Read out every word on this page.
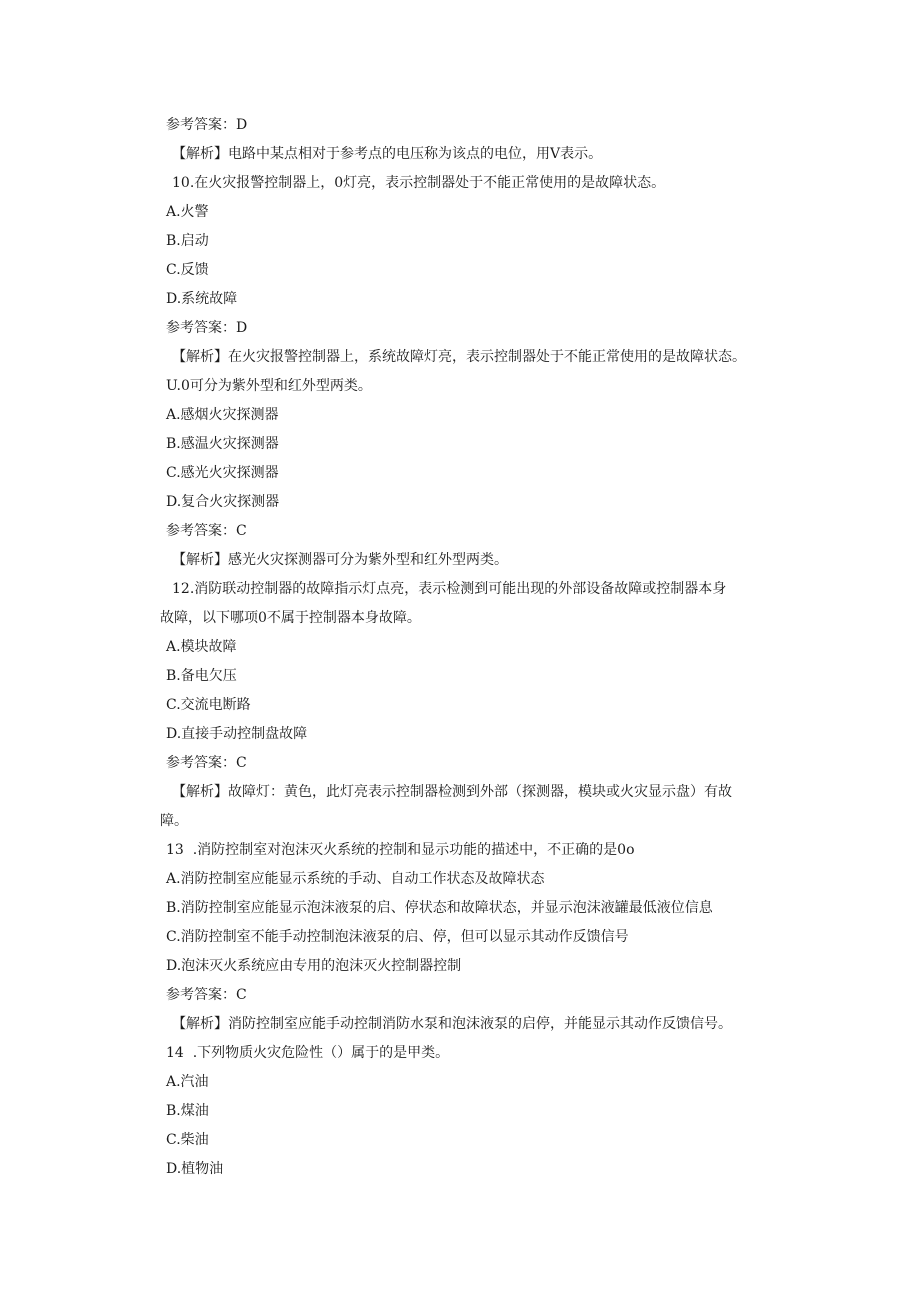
参考答案：D
【解析】电路中某点相对于参考点的电压称为该点的电位，用V表示。
10.在火灾报警控制器上，0灯亮，表示控制器处于不能正常使用的是故障状态。
A.火警
B.启动
C.反馈
D.系统故障
参考答案：D
【解析】在火灾报警控制器上，系统故障灯亮，表示控制器处于不能正常使用的是故障状态。
U.0可分为紫外型和红外型两类。
A.感烟火灾探测器
B.感温火灾探测器
C.感光火灾探测器
D.复合火灾探测器
参考答案：C
【解析】感光火灾探测器可分为紫外型和红外型两类。
12.消防联动控制器的故障指示灯点亮，表示检测到可能出现的外部设备故障或控制器本身
故障，以下哪项0不属于控制器本身故障。
A.模块故障
B.备电欠压
C.交流电断路
D.直接手动控制盘故障
参考答案：C
【解析】故障灯：黄色，此灯亮表示控制器检测到外部（探测器，模块或火灾显示盘）有故
障。
13  .消防控制室对泡沫灭火系统的控制和显示功能的描述中，不正确的是0o
A.消防控制室应能显示系统的手动、自动工作状态及故障状态
B.消防控制室应能显示泡沫液泵的启、停状态和故障状态，并显示泡沫液罐最低液位信息
C.消防控制室不能手动控制泡沫液泵的启、停，但可以显示其动作反馈信号
D.泡沫灭火系统应由专用的泡沫灭火控制器控制
参考答案：C
【解析】消防控制室应能手动控制消防水泵和泡沫液泵的启停，并能显示其动作反馈信号。
14  .下列物质火灾危险性（）属于的是甲类。
A.汽油
B.煤油
C.柴油
D.植物油
